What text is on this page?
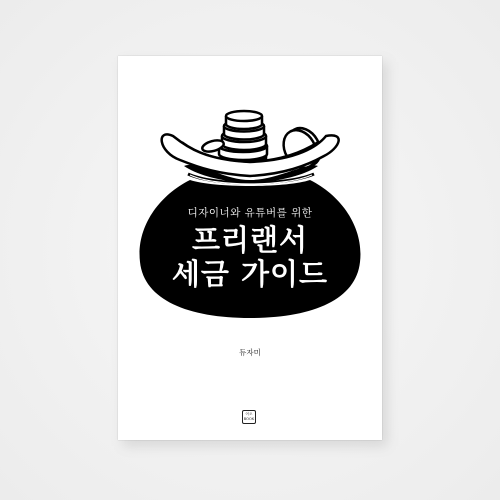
디자이너와 유튜버를 위한
프리랜서
세금 가이드
듀자미
어오 BOOK
